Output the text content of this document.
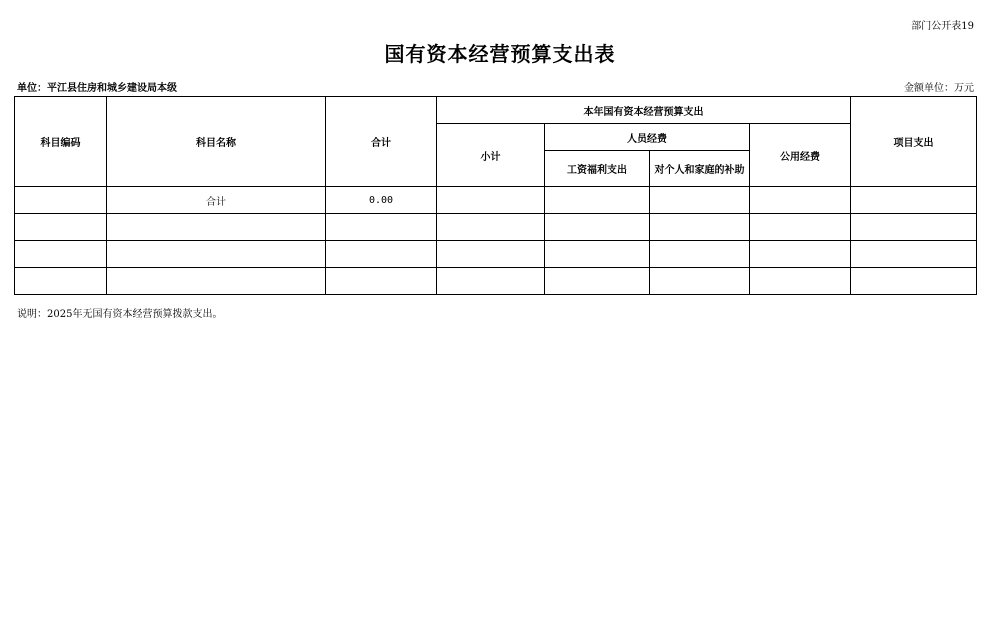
部门公开表19
国有资本经营预算支出表
单位：平江县住房和城乡建设局本级	金额单位：万元
科目编码	科目名称	合计	本年国有资本经营预算支出				项目支出
			小计	人员经费		公用经费	
				工资福利支出	对个人和家庭的补助		
	合计	0.00					

说明：2025年无国有资本经营预算拨款支出。
